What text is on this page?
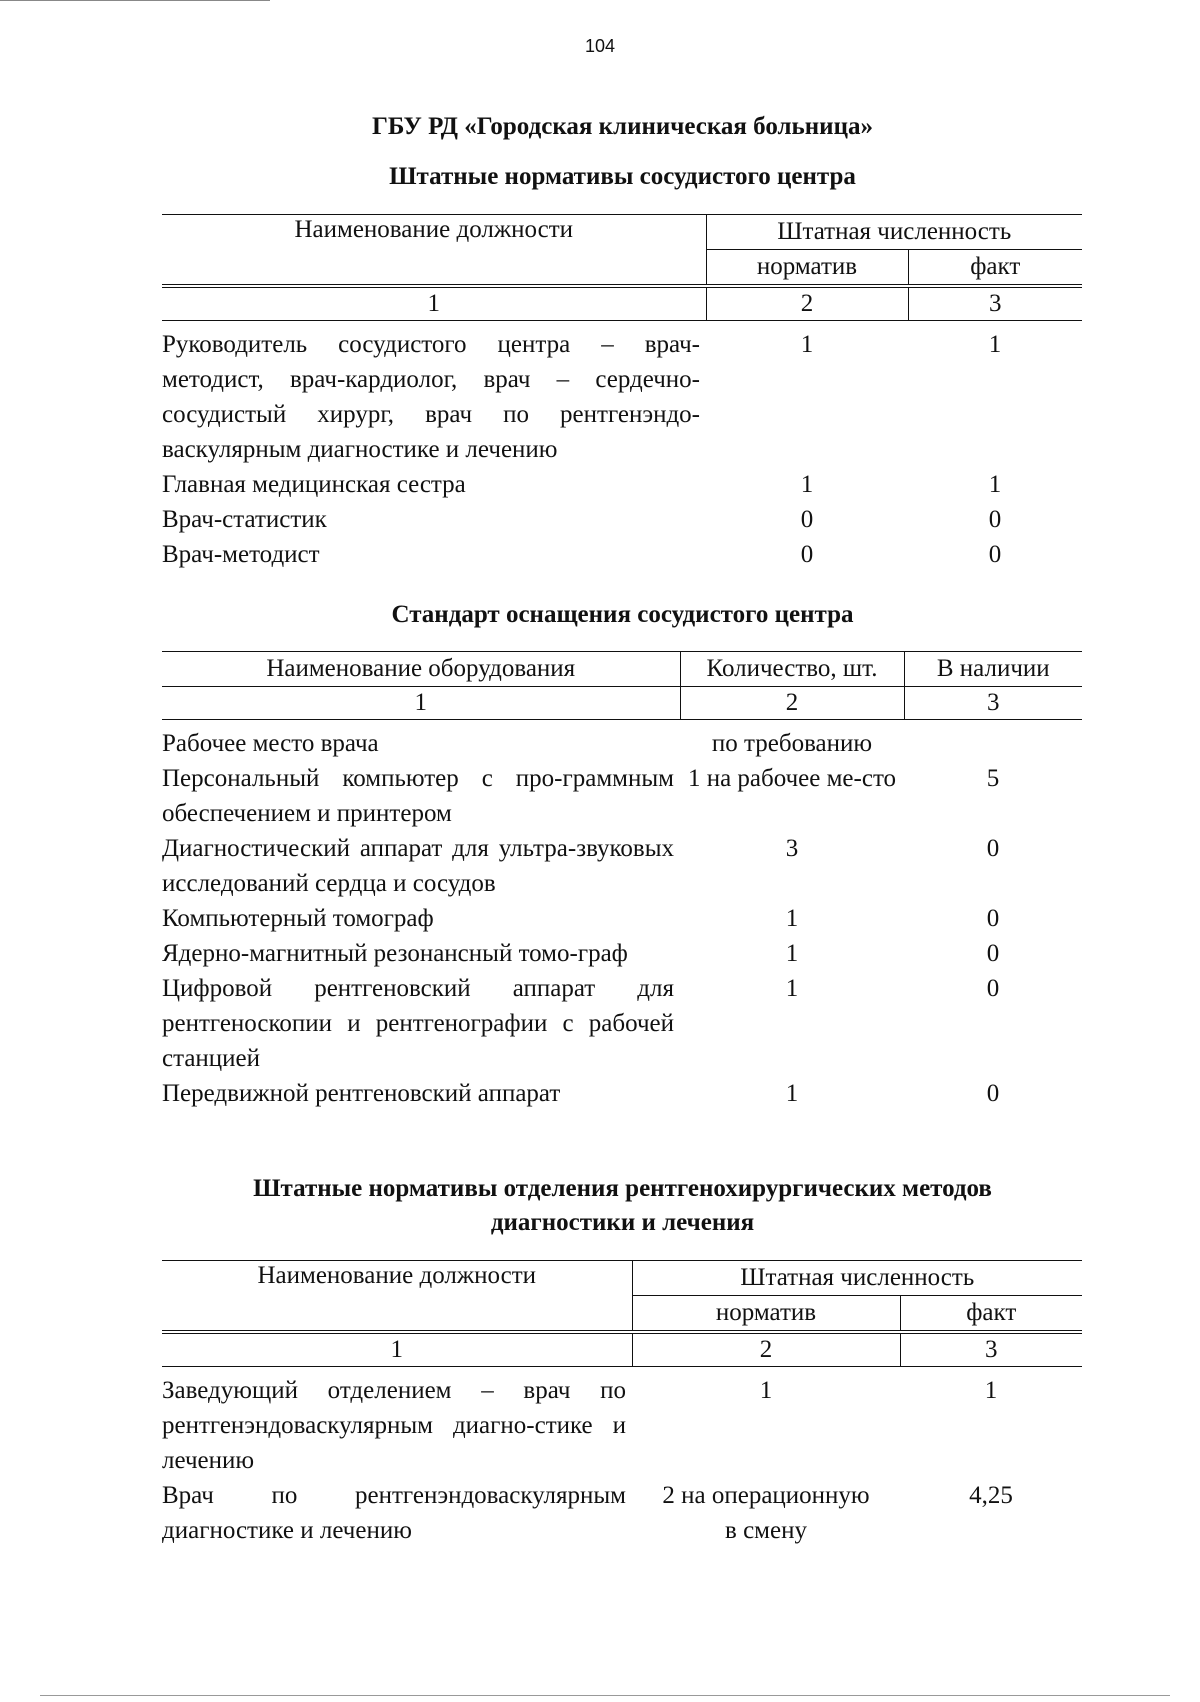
104
ГБУ РД «Городская клиническая больница»
Штатные нормативы сосудистого центра
Наименование должности	Штатная численность	
	норматив	факт
1	2	3

Руководитель сосудистого центра – врач-методист, врач-кардиолог, врач – сердечно-сосудистый хирург, врач по рентгенэндо-васкулярным диагностике и лечению	1	1
Главная медицинская сестра	1	1
Врач-статистик	0	0
Врач-методист	0	0
Стандарт оснащения сосудистого центра
Наименование оборудования	Количество, шт.	В наличии
1	2	3

Рабочее место врача	по требованию	
Персональный компьютер с про-граммным обеспечением и принтером	1 на рабочее ме-сто	5
Диагностический аппарат для ультра-звуковых исследований сердца и сосудов	3	0
Компьютерный томограф	1	0
Ядерно-магнитный резонансный томо-граф	1	0
Цифровой рентгеновский аппарат для рентгеноскопии и рентгенографии с рабочей станцией	1	0
Передвижной рентгеновский аппарат	1	0
Штатные нормативы отделения рентгенохирургических методов
диагностики и лечения
Наименование должности	Штатная численность	
	норматив	факт
1	2	3

Заведующий отделением – врач по рентгенэндоваскулярным диагно-стике и лечению	1	1
Врач по рентгенэндоваскулярным диагностике и лечению	2 на операционную в смену	4,25
